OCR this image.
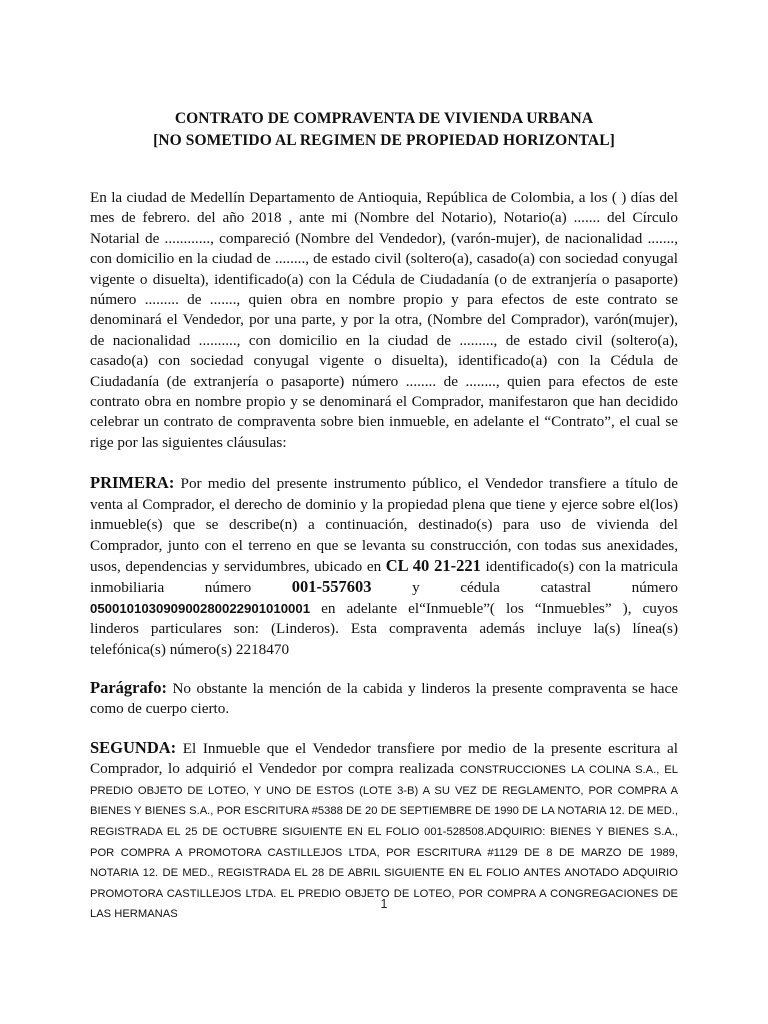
CONTRATO DE COMPRAVENTA DE VIVIENDA URBANA
[NO SOMETIDO AL REGIMEN DE PROPIEDAD HORIZONTAL]

En la ciudad de Medellín Departamento de Antioquia, República de Colombia, a los ( ) días del mes de febrero. del año 2018 , ante mi (Nombre del Notario), Notario(a) ....... del Círculo Notarial de ............, compareció (Nombre del Vendedor), (varón-mujer), de nacionalidad ......., con domicilio en la ciudad de ........, de estado civil (soltero(a), casado(a) con sociedad conyugal vigente o disuelta), identificado(a) con la Cédula de Ciudadanía (o de extranjería o pasaporte) número ......... de ......., quien obra en nombre propio y para efectos de este contrato se denominará el Vendedor, por una parte, y por la otra, (Nombre del Comprador), varón(mujer), de nacionalidad .........., con domicilio en la ciudad de ........., de estado civil (soltero(a), casado(a) con sociedad conyugal vigente o disuelta), identificado(a) con la Cédula de Ciudadanía (de extranjería o pasaporte) número ........ de ........, quien para efectos de este contrato obra en nombre propio y se denominará el Comprador, manifestaron que han decidido celebrar un contrato de compraventa sobre bien inmueble, en adelante el “Contrato”, el cual se rige por las siguientes cláusulas:

PRIMERA: Por medio del presente instrumento público, el Vendedor transfiere a título de venta al Comprador, el derecho de dominio y la propiedad plena que tiene y ejerce sobre el(los) inmueble(s) que se describe(n) a continuación, destinado(s) para uso de vivienda del Comprador, junto con el terreno en que se levanta su construcción, con todas sus anexidades, usos, dependencias y servidumbres, ubicado en CL 40 21-221 identificado(s) con la matricula inmobiliaria número 001-557603 y cédula catastral número 050010103090900280022901010001 en adelante el“Inmueble”( los “Inmuebles” ), cuyos linderos particulares son: (Linderos). Esta compraventa además incluye la(s) línea(s) telefónica(s) número(s) 2218470

Parágrafo: No obstante la mención de la cabida y linderos la presente compraventa se hace como de cuerpo cierto.

SEGUNDA: El Inmueble que el Vendedor transfiere por medio de la presente escritura al Comprador, lo adquirió el Vendedor por compra realizada CONSTRUCCIONES LA COLINA S.A., EL PREDIO OBJETO DE LOTEO, Y UNO DE ESTOS (LOTE 3-B) A SU VEZ DE REGLAMENTO, POR COMPRA A BIENES Y BIENES S.A., POR ESCRITURA #5388 DE 20 DE SEPTIEMBRE DE 1990 DE LA NOTARIA 12. DE MED., REGISTRADA EL 25 DE OCTUBRE SIGUIENTE EN EL FOLIO 001-528508.ADQUIRIO: BIENES Y BIENES S.A., POR COMPRA A PROMOTORA CASTILLEJOS LTDA, POR ESCRITURA #1129 DE 8 DE MARZO DE 1989, NOTARIA 12. DE MED., REGISTRADA EL 28 DE ABRIL SIGUIENTE EN EL FOLIO ANTES ANOTADO ADQUIRIO PROMOTORA CASTILLEJOS LTDA. EL PREDIO OBJETO DE LOTEO, POR COMPRA A CONGREGACIONES DE LAS HERMANAS

1
